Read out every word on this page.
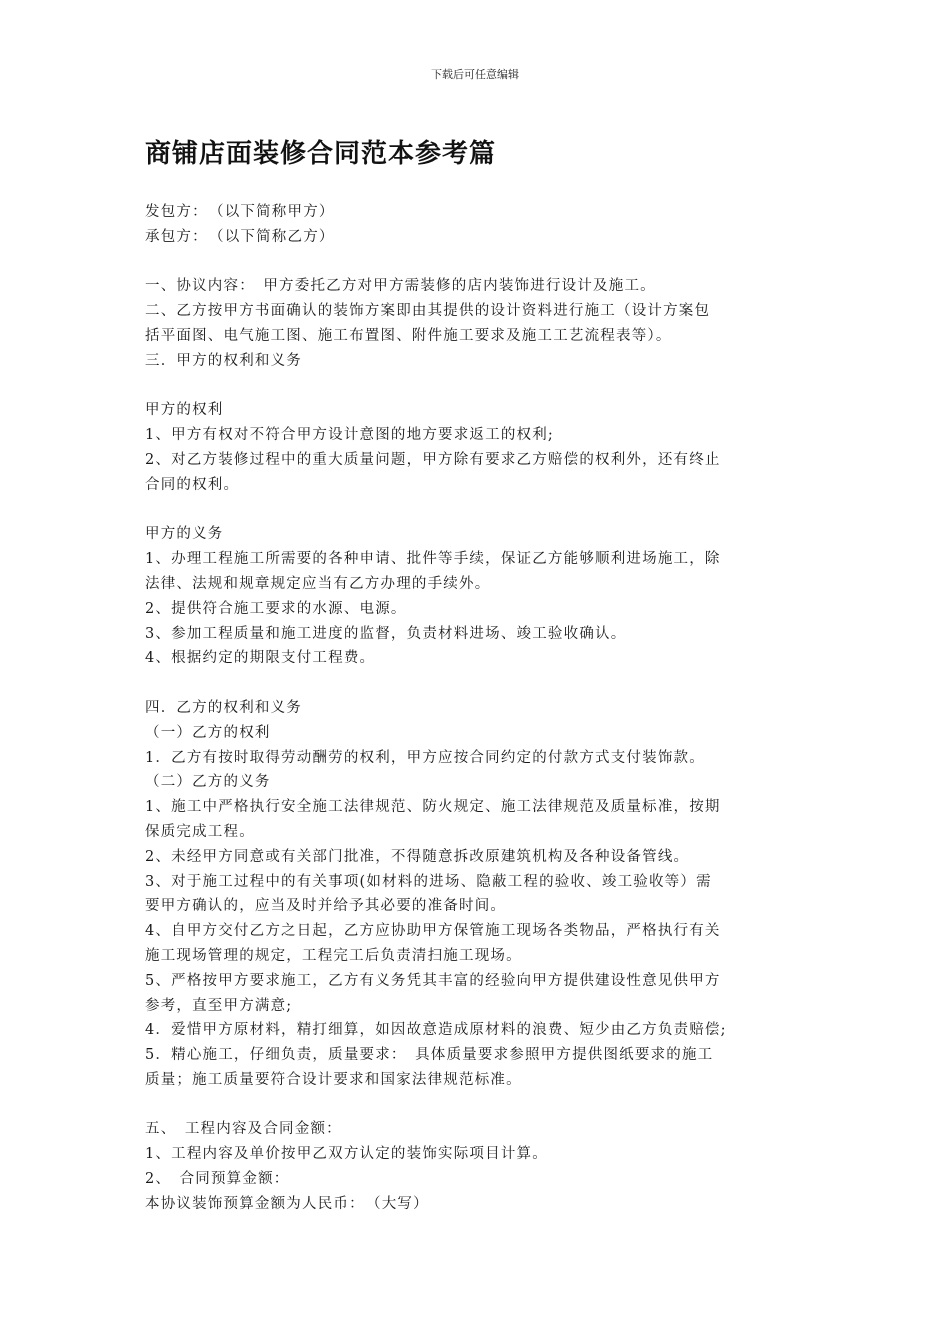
下载后可任意编辑
商铺店面装修合同范本参考篇
发包方：　（以下简称甲方）
承包方：　（以下简称乙方）
一、协议内容：　甲方委托乙方对甲方需装修的店内装饰进行设计及施工。
二、乙方按甲方书面确认的装饰方案即由其提供的设计资料进行施工（设计方案包
括平面图、电气施工图、施工布置图、附件施工要求及施工工艺流程表等）。
三．甲方的权利和义务
甲方的权利
1、甲方有权对不符合甲方设计意图的地方要求返工的权利;
2、对乙方装修过程中的重大质量问题，甲方除有要求乙方赔偿的权利外，还有终止
合同的权利。
甲方的义务
1、办理工程施工所需要的各种申请、批件等手续，保证乙方能够顺利进场施工，除
法律、法规和规章规定应当有乙方办理的手续外。
2、提供符合施工要求的水源、电源。
3、参加工程质量和施工进度的监督，负责材料进场、竣工验收确认。
4、根据约定的期限支付工程费。
四．乙方的权利和义务
（一）乙方的权利
1．乙方有按时取得劳动酬劳的权利，甲方应按合同约定的付款方式支付装饰款。
（二）乙方的义务
1、施工中严格执行安全施工法律规范、防火规定、施工法律规范及质量标准，按期
保质完成工程。
2、未经甲方同意或有关部门批准，不得随意拆改原建筑机构及各种设备管线。
3、对于施工过程中的有关事项(如材料的进场、隐蔽工程的验收、竣工验收等）需
要甲方确认的，应当及时并给予其必要的准备时间。
4、自甲方交付乙方之日起，乙方应协助甲方保管施工现场各类物品，严格执行有关
施工现场管理的规定，工程完工后负责清扫施工现场。
5、严格按甲方要求施工，乙方有义务凭其丰富的经验向甲方提供建设性意见供甲方
参考，直至甲方满意;
4．爱惜甲方原材料，精打细算，如因故意造成原材料的浪费、短少由乙方负责赔偿;
5．精心施工，仔细负责，质量要求：　具体质量要求参照甲方提供图纸要求的施工
质量；施工质量要符合设计要求和国家法律规范标准。
五、　工程内容及合同金额：
1、工程内容及单价按甲乙双方认定的装饰实际项目计算。
2、　合同预算金额：
本协议装饰预算金额为人民币：　（大写）
